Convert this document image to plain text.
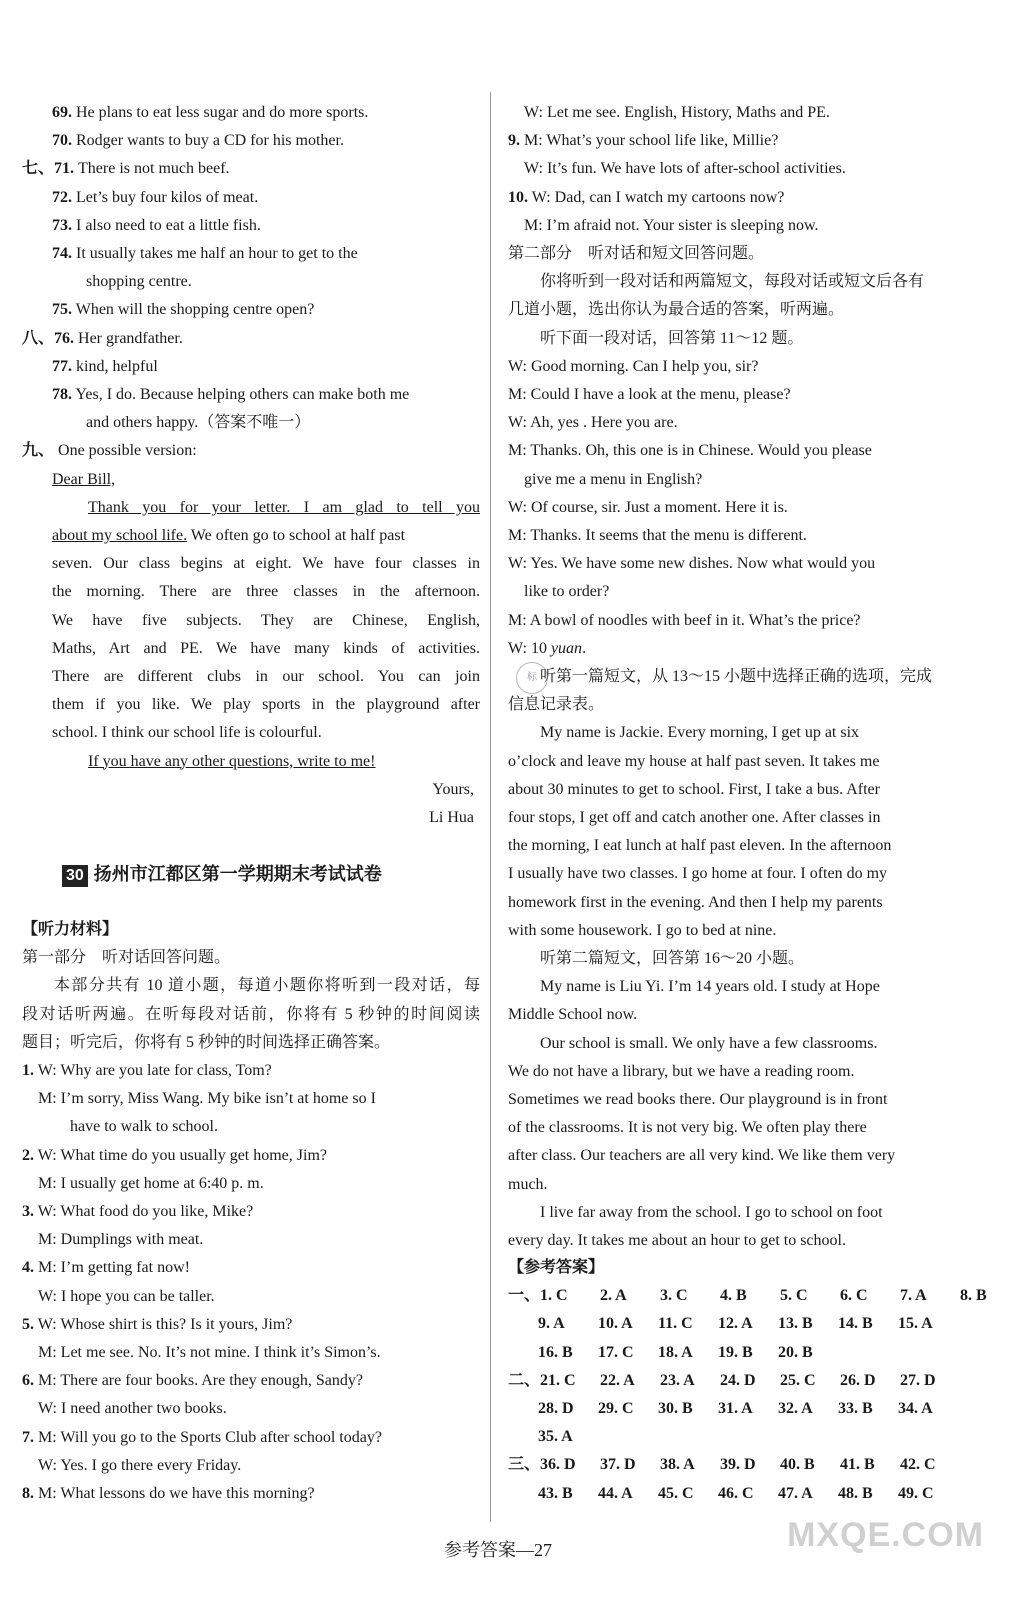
69. He plans to eat less sugar and do more sports.
70. Rodger wants to buy a CD for his mother.
七、71. There is not much beef.
72. Let’s buy four kilos of meat.
73. I also need to eat a little fish.
74. It usually takes me half an hour to get to the
shopping centre.
75. When will the shopping centre open?
八、76. Her grandfather.
77. kind, helpful
78. Yes, I do. Because helping others can make both me
and others happy.（答案不唯一）
九、 One possible version:
Dear Bill,
Thank you for your letter. I am glad to tell you
about my school life. We often go to school at half past
seven. Our class begins at eight. We have four classes in
the morning. There are three classes in the afternoon.
We have five subjects. They are Chinese, English,
Maths, Art and PE. We have many kinds of activities.
There are different clubs in our school. You can join
them if you like. We play sports in the playground after
school. I think our school life is colourful.
If you have any other questions, write to me!
Yours,
Li Hua
30 扬州市江都区第一学期期末考试试卷
【听力材料】
第一部分　听对话回答问题。
本部分共有 10 道小题，每道小题你将听到一段对话，每
段对话听两遍。在听每段对话前，你将有 5 秒钟的时间阅读
题目；听完后，你将有 5 秒钟的时间选择正确答案。
1. W: Why are you late for class, Tom?
M: I’m sorry, Miss Wang. My bike isn’t at home so I
have to walk to school.
2. W: What time do you usually get home, Jim?
M: I usually get home at 6:40 p. m.
3. W: What food do you like, Mike?
M: Dumplings with meat.
4. M: I’m getting fat now!
W: I hope you can be taller.
5. W: Whose shirt is this? Is it yours, Jim?
M: Let me see. No. It’s not mine. I think it’s Simon’s.
6. M: There are four books. Are they enough, Sandy?
W: I need another two books.
7. M: Will you go to the Sports Club after school today?
W: Yes. I go there every Friday.
8. M: What lessons do we have this morning?
W: Let me see. English, History, Maths and PE.
9. M: What’s your school life like, Millie?
W: It’s fun. We have lots of after-school activities.
10. W: Dad, can I watch my cartoons now?
M: I’m afraid not. Your sister is sleeping now.
第二部分　听对话和短文回答问题。
你将听到一段对话和两篇短文，每段对话或短文后各有
几道小题，选出你认为最合适的答案，听两遍。
听下面一段对话，回答第 11～12 题。
W: Good morning. Can I help you, sir?
M: Could I have a look at the menu, please?
W: Ah, yes . Here you are.
M: Thanks. Oh, this one is in Chinese. Would you please
give me a menu in English?
W: Of course, sir. Just a moment. Here it is.
M: Thanks. It seems that the menu is different.
W: Yes. We have some new dishes. Now what would you
like to order?
M: A bowl of noodles with beef in it. What’s the price?
W: 10 yuan.
听第一篇短文，从 13～15 小题中选择正确的选项，完成
信息记录表。
My name is Jackie. Every morning, I get up at six
o’clock and leave my house at half past seven. It takes me
about 30 minutes to get to school. First, I take a bus. After
four stops, I get off and catch another one. After classes in
the morning, I eat lunch at half past eleven. In the afternoon
I usually have two classes. I go home at four. I often do my
homework first in the evening. And then I help my parents
with some housework. I go to bed at nine.
听第二篇短文，回答第 16～20 小题。
My name is Liu Yi. I’m 14 years old. I study at Hope
Middle School now.
Our school is small. We only have a few classrooms.
We do not have a library, but we have a reading room.
Sometimes we read books there. Our playground is in front
of the classrooms. It is not very big. We often play there
after class. Our teachers are all very kind. We like them very
much.
I live far away from the school. I go to school on foot
every day. It takes me about an hour to get to school.
【参考答案】
一、1. C 2. A 3. C 4. B 5. C 6. C 7. A 8. B
9. A 10. A 11. C 12. A 13. B 14. B 15. A
16. B 17. C 18. A 19. B 20. B
二、21. C 22. A 23. A 24. D 25. C 26. D 27. D
28. D 29. C 30. B 31. A 32. A 33. B 34. A
35. A
三、36. D 37. D 38. A 39. D 40. B 41. B 42. C
43. B 44. A 45. C 46. C 47. A 48. B 49. C
标
参考答案—27	MXQE.COM
